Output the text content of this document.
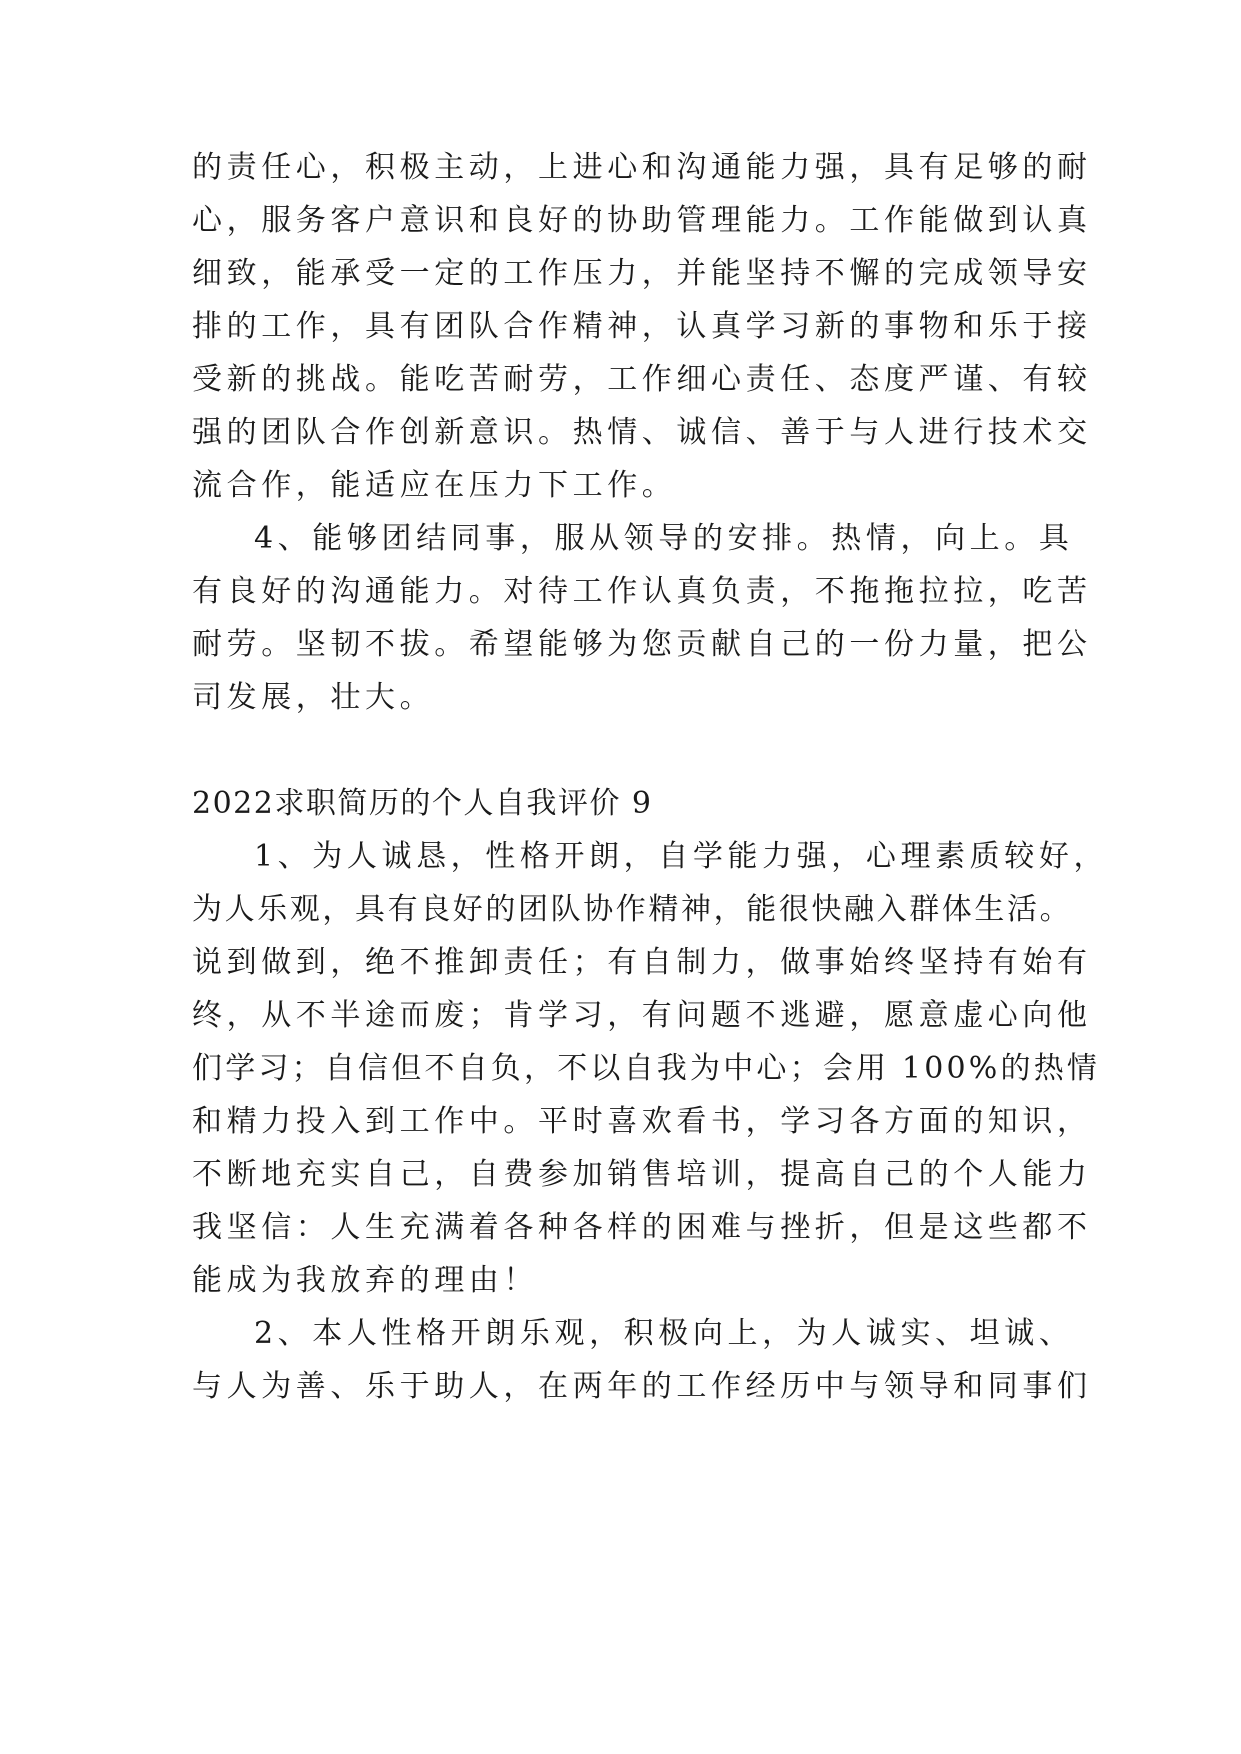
的责任心，积极主动，上进心和沟通能力强，具有足够的耐
心，服务客户意识和良好的协助管理能力。工作能做到认真
细致，能承受一定的工作压力，并能坚持不懈的完成领导安
排的工作，具有团队合作精神，认真学习新的事物和乐于接
受新的挑战。能吃苦耐劳，工作细心责任、态度严谨、有较
强的团队合作创新意识。热情、诚信、善于与人进行技术交
流合作，能适应在压力下工作。
4、能够团结同事，服从领导的安排。热情，向上。具
有良好的沟通能力。对待工作认真负责，不拖拖拉拉，吃苦
耐劳。坚韧不拔。希望能够为您贡献自己的一份力量，把公
司发展，壮大。
2022求职简历的个人自我评价 9
1、为人诚恳，性格开朗，自学能力强，心理素质较好，
为人乐观，具有良好的团队协作精神，能很快融入群体生活。
说到做到，绝不推卸责任；有自制力，做事始终坚持有始有
终，从不半途而废；肯学习，有问题不逃避，愿意虚心向他
们学习；自信但不自负，不以自我为中心；会用 100%的热情
和精力投入到工作中。平时喜欢看书，学习各方面的知识，
不断地充实自己，自费参加销售培训，提高自己的个人能力
我坚信：人生充满着各种各样的困难与挫折，但是这些都不
能成为我放弃的理由！
2、本人性格开朗乐观，积极向上，为人诚实、坦诚、
与人为善、乐于助人，在两年的工作经历中与领导和同事们
